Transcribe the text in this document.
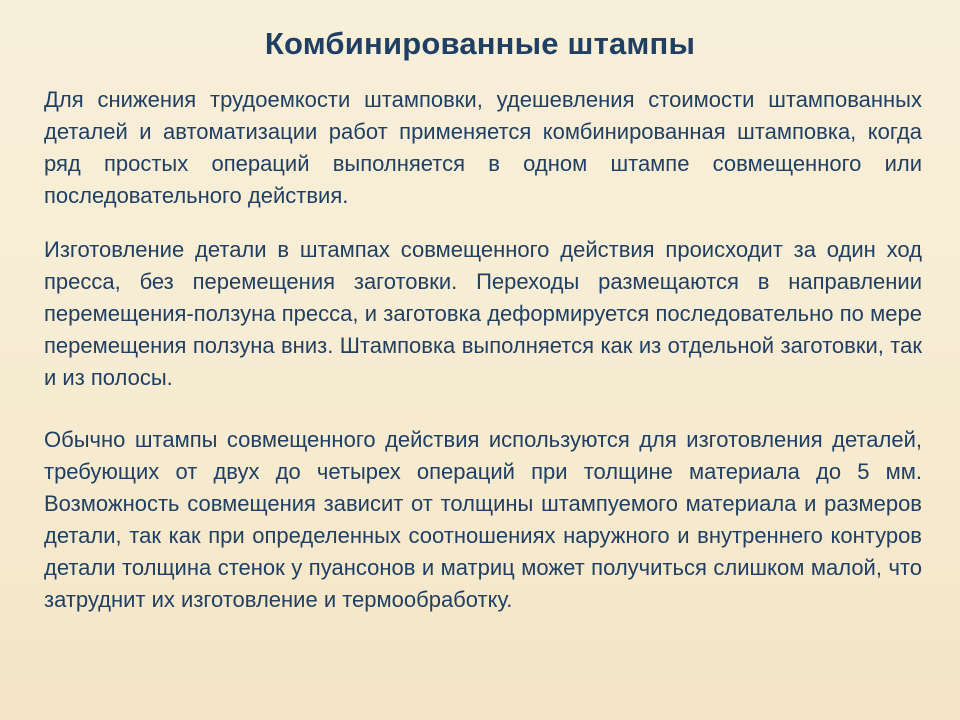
Комбинированные штампы

Для снижения трудоемкости штамповки, удешевления стоимости штампованных деталей и автоматизации работ применяется комбинированная штамповка, когда ряд простых операций выполняется в одном штампе совмещенного или последовательного действия.

Изготовление детали в штампах совмещенного действия происходит за один ход пресса, без перемещения заготовки. Переходы размещаются в направлении перемещения-ползуна пресса, и заготовка деформируется последовательно по мере перемещения ползуна вниз. Штамповка выполняется как из отдельной заготовки, так и из полосы.

Обычно штампы совмещенного действия используются для изготовления деталей, требующих от двух до четырех операций при толщине материала до 5 мм. Возможность совмещения зависит от толщины штампуемого материала и размеров детали, так как при определенных соотношениях наружного и внутреннего контуров детали толщина стенок у пуансонов и матриц может получиться слишком малой, что затруднит их изготовление и термообработку.
